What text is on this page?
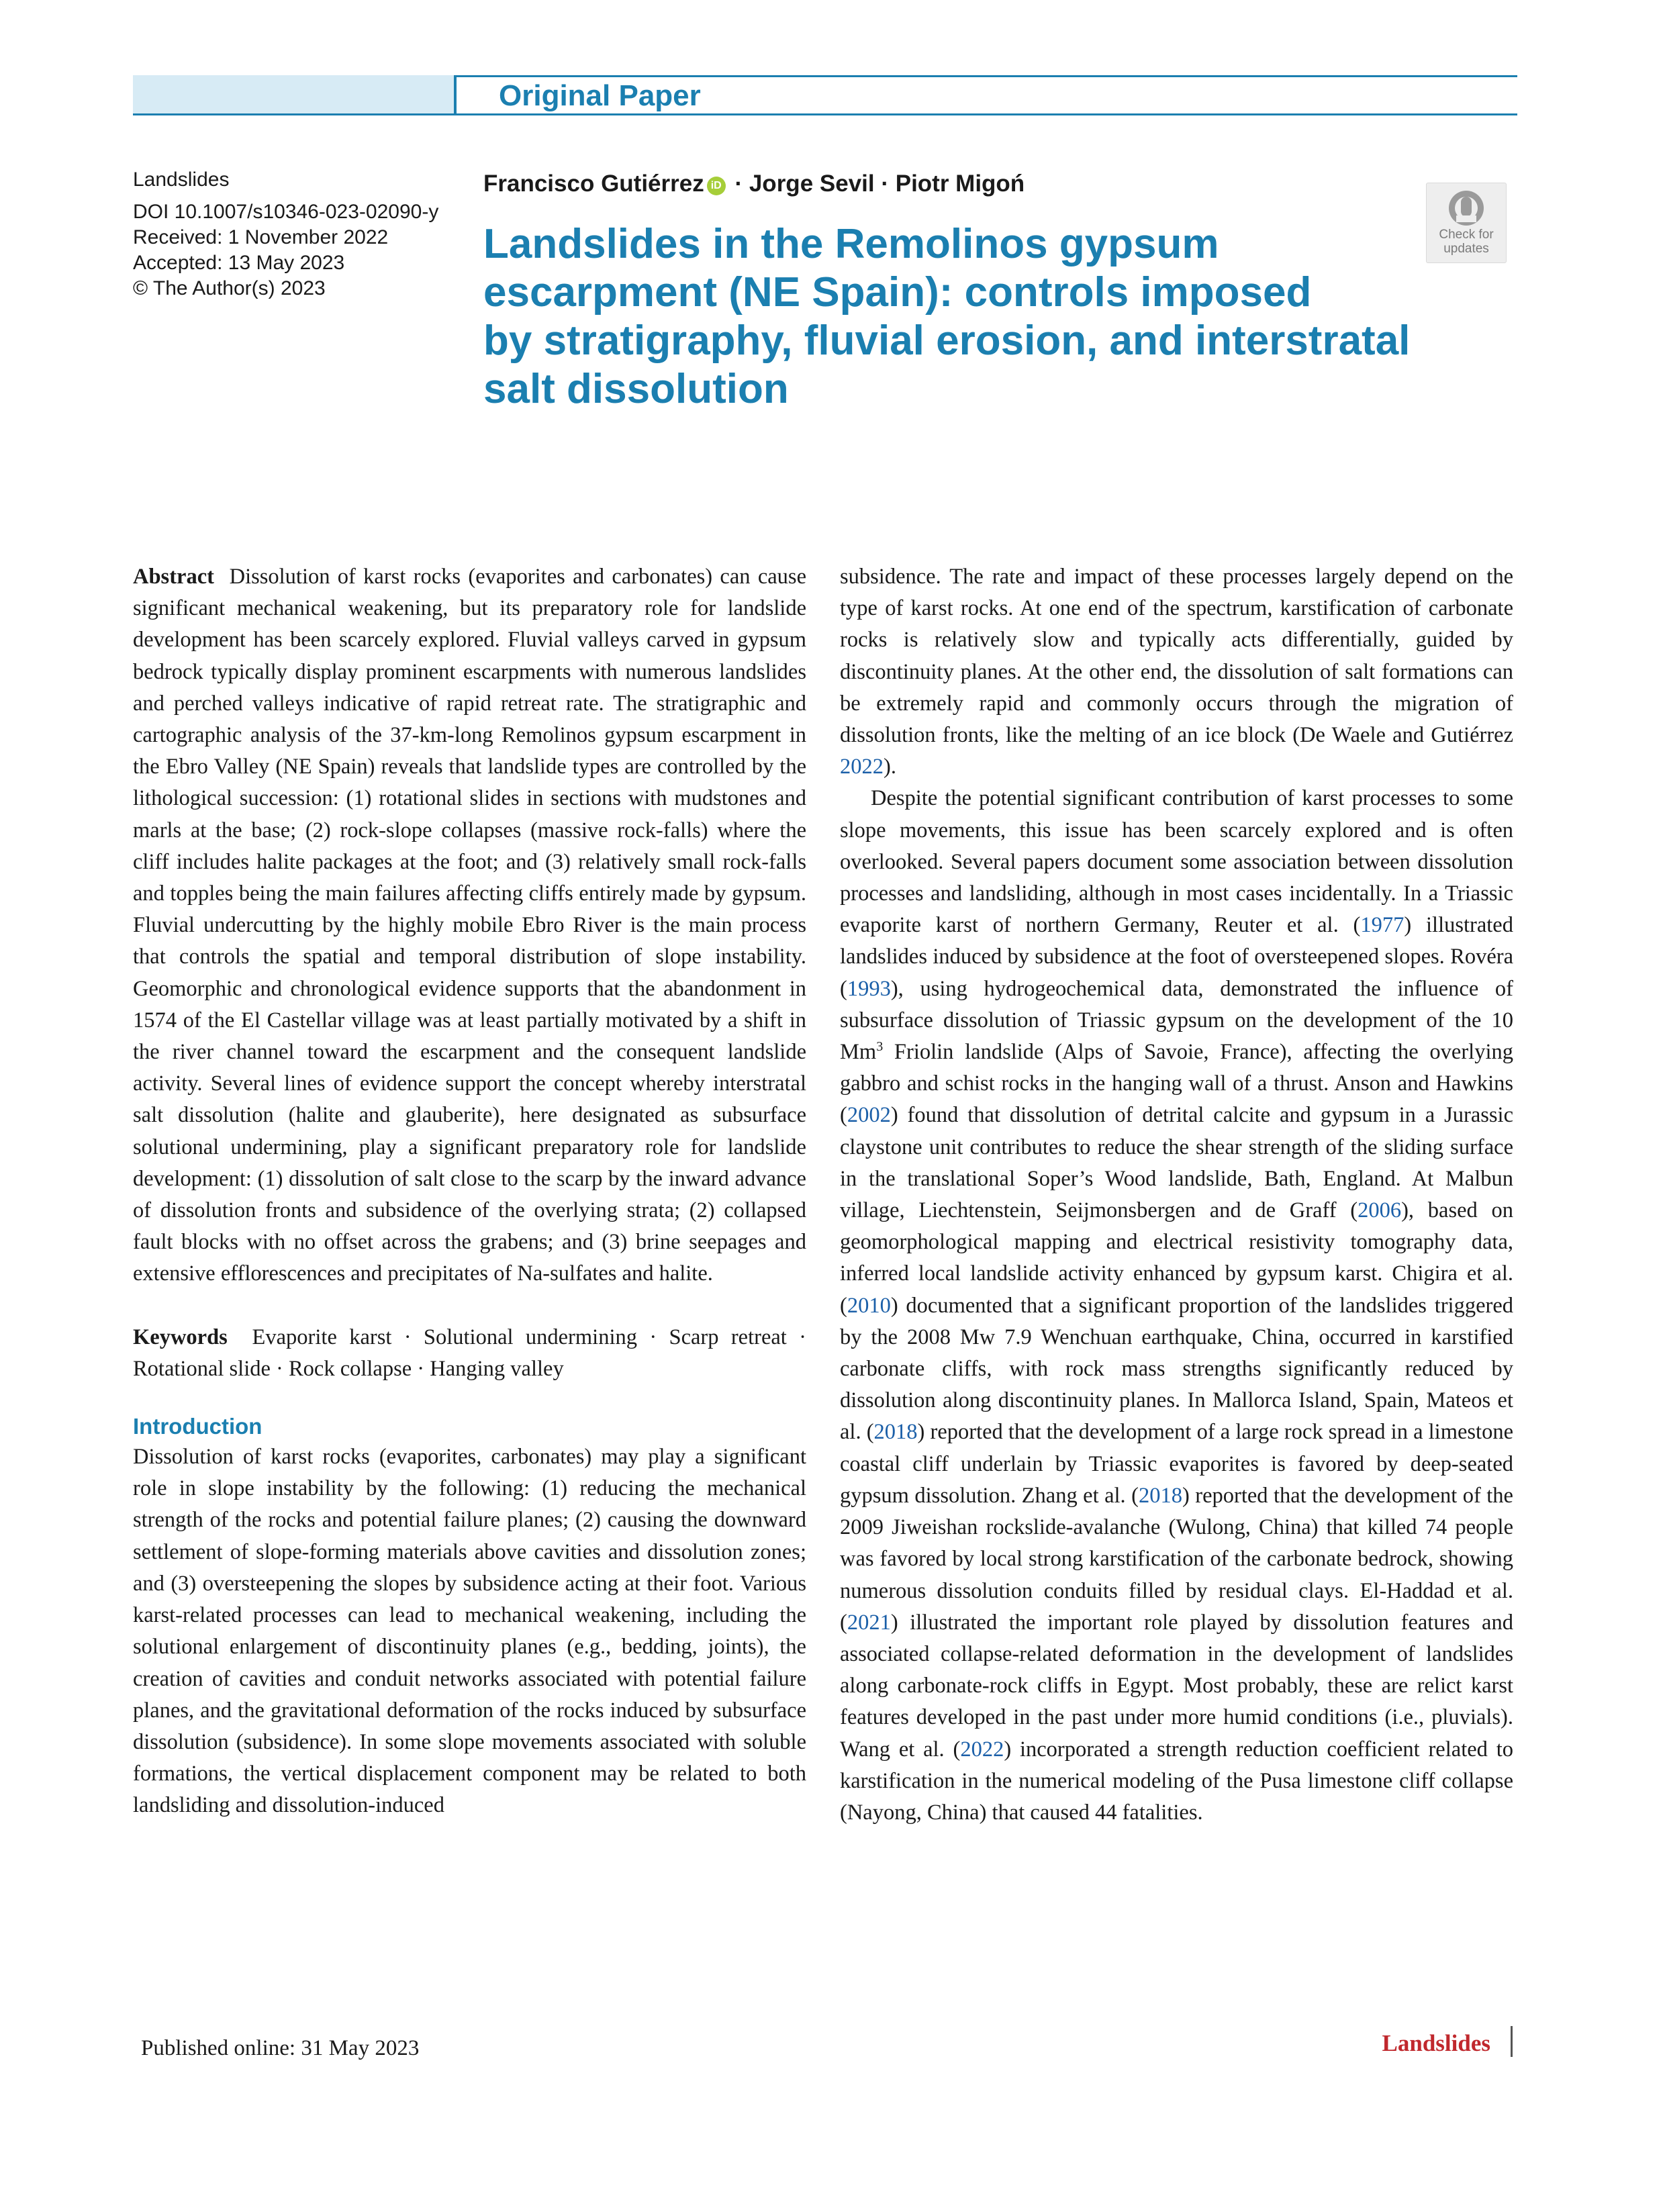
Original Paper
Landslides
DOI 10.1007/s10346-023-02090-y
Received: 1 November 2022
Accepted: 13 May 2023
© The Author(s) 2023
Francisco Gutiérrez iD · Jorge Sevil · Piotr Migoń
Check for
updates
Landslides in the Remolinos gypsum
escarpment (NE Spain): controls imposed
by stratigraphy, fluvial erosion, and interstratal
salt dissolution

Abstract Dissolution of karst rocks (evaporites and carbonates) can cause significant mechanical weakening, but its preparatory role for landslide development has been scarcely explored. Fluvial valleys carved in gypsum bedrock typically display prominent escarpments with numerous landslides and perched valleys indicative of rapid retreat rate. The stratigraphic and cartographic analysis of the 37-km-long Remolinos gypsum escarpment in the Ebro Valley (NE Spain) reveals that landslide types are controlled by the lithological succession: (1) rotational slides in sections with mudstones and marls at the base; (2) rock-slope collapses (massive rock-falls) where the cliff includes halite packages at the foot; and (3) relatively small rock-falls and topples being the main failures affecting cliffs entirely made by gypsum. Fluvial undercutting by the highly mobile Ebro River is the main process that controls the spatial and temporal distribution of slope instability. Geomorphic and chronological evidence supports that the abandonment in 1574 of the El Castellar village was at least partially motivated by a shift in the river channel toward the escarpment and the consequent landslide activity. Several lines of evidence support the concept whereby interstratal salt dissolution (halite and glauberite), here designated as subsurface solutional undermining, play a significant preparatory role for landslide development: (1) dissolution of salt close to the scarp by the inward advance of dissolution fronts and subsidence of the overlying strata; (2) collapsed fault blocks with no offset across the grabens; and (3) brine seepages and extensive efflorescences and precipitates of Na-sulfates and halite.

Keywords Evaporite karst · Solutional undermining · Scarp retreat · Rotational slide · Rock collapse · Hanging valley

Introduction

Dissolution of karst rocks (evaporites, carbonates) may play a significant role in slope instability by the following: (1) reducing the mechanical strength of the rocks and potential failure planes; (2) causing the downward settlement of slope-forming materials above cavities and dissolution zones; and (3) oversteepening the slopes by subsidence acting at their foot. Various karst-related processes can lead to mechanical weakening, including the solutional enlargement of discontinuity planes (e.g., bedding, joints), the creation of cavities and conduit networks associated with potential failure planes, and the gravitational deformation of the rocks induced by subsurface dissolution (subsidence). In some slope movements associated with soluble formations, the vertical displacement component may be related to both landsliding and dissolution-induced

subsidence. The rate and impact of these processes largely depend on the type of karst rocks. At one end of the spectrum, karstification of carbonate rocks is relatively slow and typically acts differentially, guided by discontinuity planes. At the other end, the dissolution of salt formations can be extremely rapid and commonly occurs through the migration of dissolution fronts, like the melting of an ice block (De Waele and Gutiérrez 2022).

Despite the potential significant contribution of karst processes to some slope movements, this issue has been scarcely explored and is often overlooked. Several papers document some association between dissolution processes and landsliding, although in most cases incidentally. In a Triassic evaporite karst of northern Germany, Reuter et al. (1977) illustrated landslides induced by subsidence at the foot of oversteepened slopes. Rovéra (1993), using hydrogeochemical data, demonstrated the influence of subsurface dissolution of Triassic gypsum on the development of the 10 Mm$^3$ Friolin landslide (Alps of Savoie, France), affecting the overlying gabbro and schist rocks in the hanging wall of a thrust. Anson and Hawkins (2002) found that dissolution of detrital calcite and gypsum in a Jurassic claystone unit contributes to reduce the shear strength of the sliding surface in the translational Soper’s Wood landslide, Bath, England. At Malbun village, Liechtenstein, Seijmonsbergen and de Graff (2006), based on geomorphological mapping and electrical resistivity tomography data, inferred local landslide activity enhanced by gypsum karst. Chigira et al. (2010) documented that a significant proportion of the landslides triggered by the 2008 Mw 7.9 Wenchuan earthquake, China, occurred in karstified carbonate cliffs, with rock mass strengths significantly reduced by dissolution along discontinuity planes. In Mallorca Island, Spain, Mateos et al. (2018) reported that the development of a large rock spread in a limestone coastal cliff underlain by Triassic evaporites is favored by deep-seated gypsum dissolution. Zhang et al. (2018) reported that the development of the 2009 Jiweishan rockslide-avalanche (Wulong, China) that killed 74 people was favored by local strong karstification of the carbonate bedrock, showing numerous dissolution conduits filled by residual clays. El-Haddad et al. (2021) illustrated the important role played by dissolution features and associated collapse-related deformation in the development of landslides along carbonate-rock cliffs in Egypt. Most probably, these are relict karst features developed in the past under more humid conditions (i.e., pluvials). Wang et al. (2022) incorporated a strength reduction coefficient related to karstification in the numerical modeling of the Pusa limestone cliff collapse (Nayong, China) that caused 44 fatalities.

Published online: 31 May 2023	Landslides
